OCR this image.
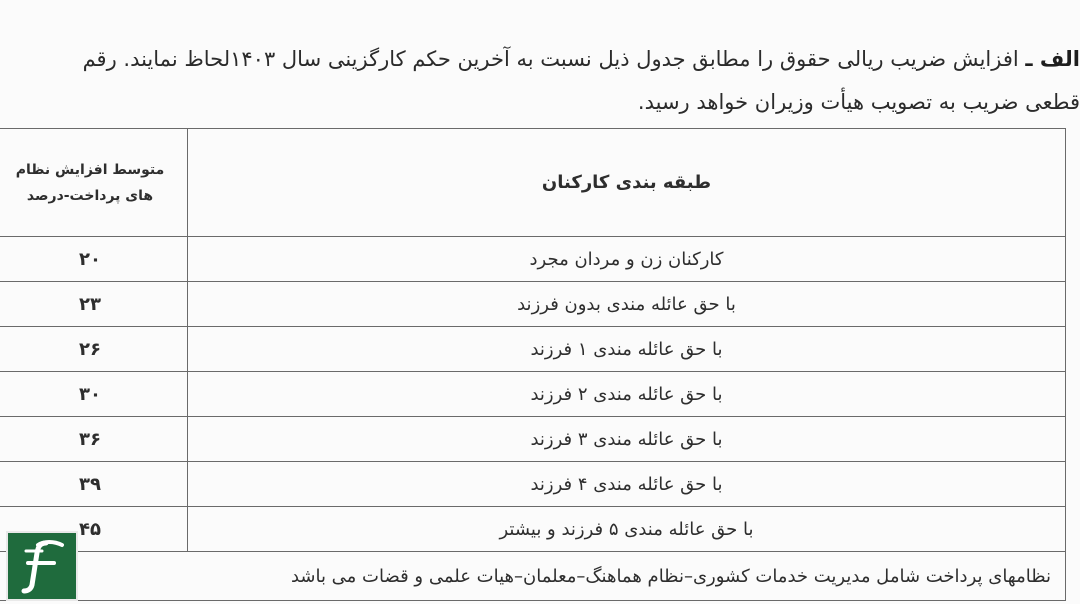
الف ـ افزایش ضریب ریالی حقوق را مطابق جدول ذیل نسبت به آخرین حکم کارگزینی سال ۱۴۰۳لحاظ نمایند. رقم
قطعی ضریب به تصویب هیأت وزیران خواهد رسید.
طبقه بندی کارکنان	متوسط افزایش نظام های پرداخت-درصد
کارکنان زن و مردان مجرد	۲۰
با حق عائله مندی بدون فرزند	۲۳
با حق عائله مندی ۱ فرزند	۲۶
با حق عائله مندی ۲ فرزند	۳۰
با حق عائله مندی ۳ فرزند	۳۶
با حق عائله مندی ۴ فرزند	۳۹
با حق عائله مندی ۵ فرزند و بیشتر	۴۵
نظامهای پرداخت شامل مدیریت خدمات کشوری–نظام هماهنگ–معلمان–هیات علمی و قضات می باشد	
